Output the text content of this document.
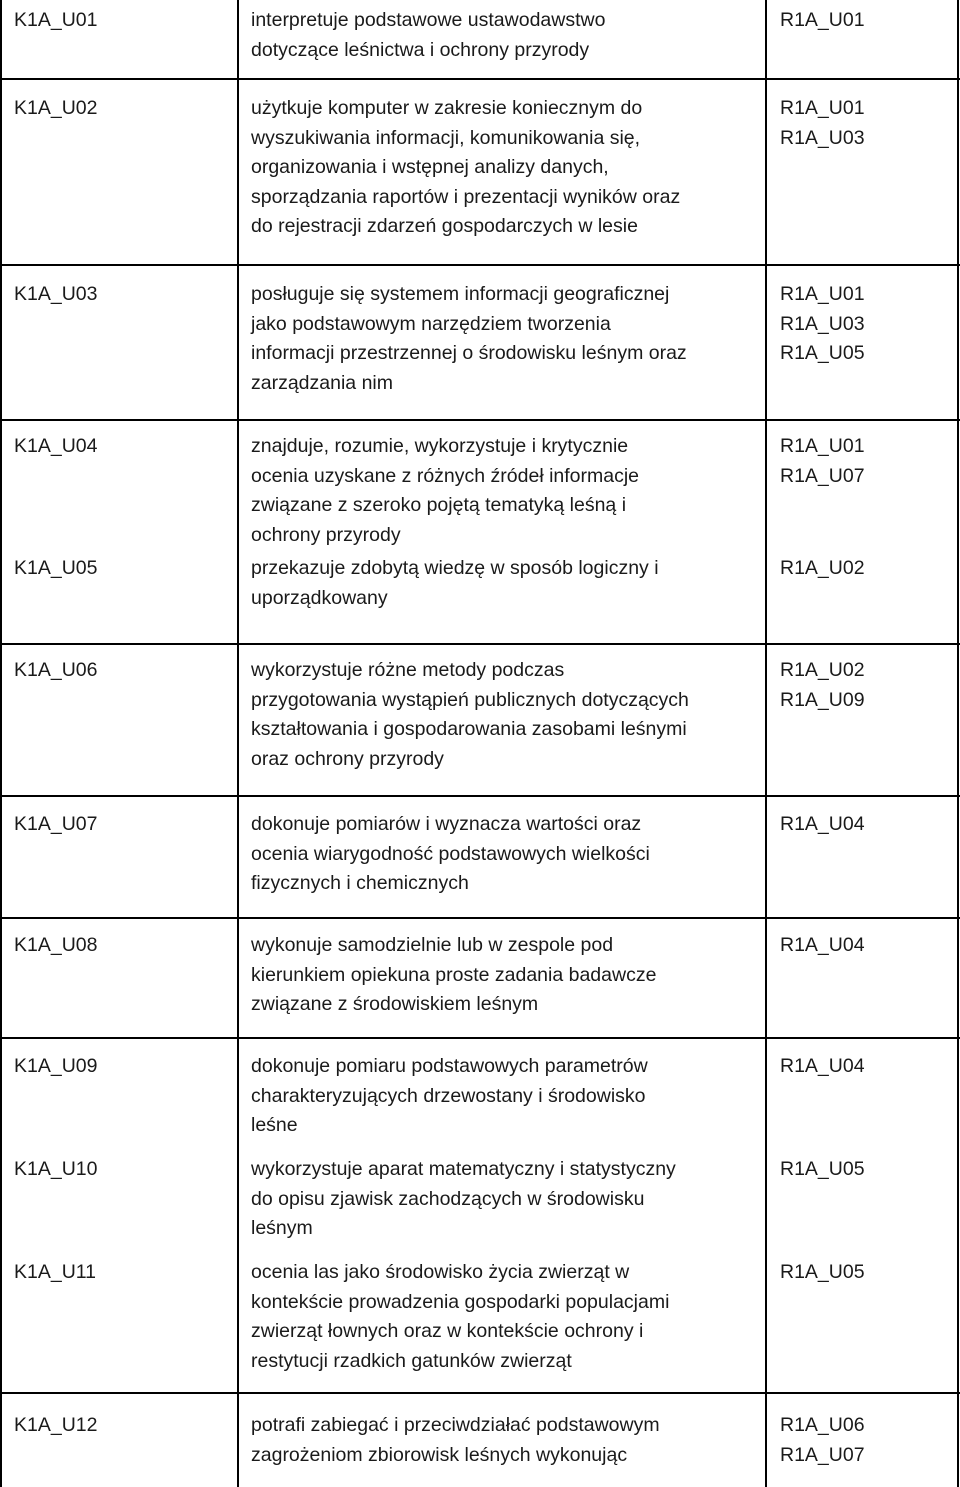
K1A_U01	interpretuje podstawowe ustawodawstwo
dotyczące leśnictwa i ochrony przyrody
R1A_U01
K1A_U02	użytkuje komputer w zakresie koniecznym do
wyszukiwania informacji, komunikowania się,
organizowania i wstępnej analizy danych,
sporządzania raportów i prezentacji wyników oraz
do rejestracji zdarzeń gospodarczych w lesie
R1A_U01
R1A_U03
K1A_U03	posługuje się systemem informacji geograficznej
jako podstawowym narzędziem tworzenia
informacji przestrzennej o środowisku leśnym oraz
zarządzania nim
R1A_U01
R1A_U03
R1A_U05
K1A_U04	znajduje, rozumie, wykorzystuje i krytycznie
ocenia uzyskane z różnych źródeł informacje
związane z szeroko pojętą tematyką leśną i
ochrony przyrody
R1A_U01
R1A_U07
K1A_U05	przekazuje zdobytą wiedzę w sposób logiczny i
uporządkowany
R1A_U02
K1A_U06	wykorzystuje różne metody podczas
przygotowania wystąpień publicznych dotyczących
kształtowania i gospodarowania zasobami leśnymi
oraz ochrony przyrody
R1A_U02
R1A_U09
K1A_U07	dokonuje pomiarów i wyznacza wartości oraz
ocenia wiarygodność podstawowych wielkości
fizycznych i chemicznych
R1A_U04
K1A_U08	wykonuje samodzielnie lub w zespole pod
kierunkiem opiekuna proste zadania badawcze
związane z środowiskiem leśnym
R1A_U04
K1A_U09	dokonuje pomiaru podstawowych parametrów
charakteryzujących drzewostany i środowisko
leśne
R1A_U04
K1A_U10	wykorzystuje aparat matematyczny i statystyczny
do opisu zjawisk zachodzących w środowisku
leśnym
R1A_U05
K1A_U11	ocenia las jako środowisko życia zwierząt w
kontekście prowadzenia gospodarki populacjami
zwierząt łownych oraz w kontekście ochrony i
restytucji rzadkich gatunków zwierząt
R1A_U05
K1A_U12	potrafi zabiegać i przeciwdziałać podstawowym
zagrożeniom zbiorowisk leśnych wykonując
R1A_U06
R1A_U07
